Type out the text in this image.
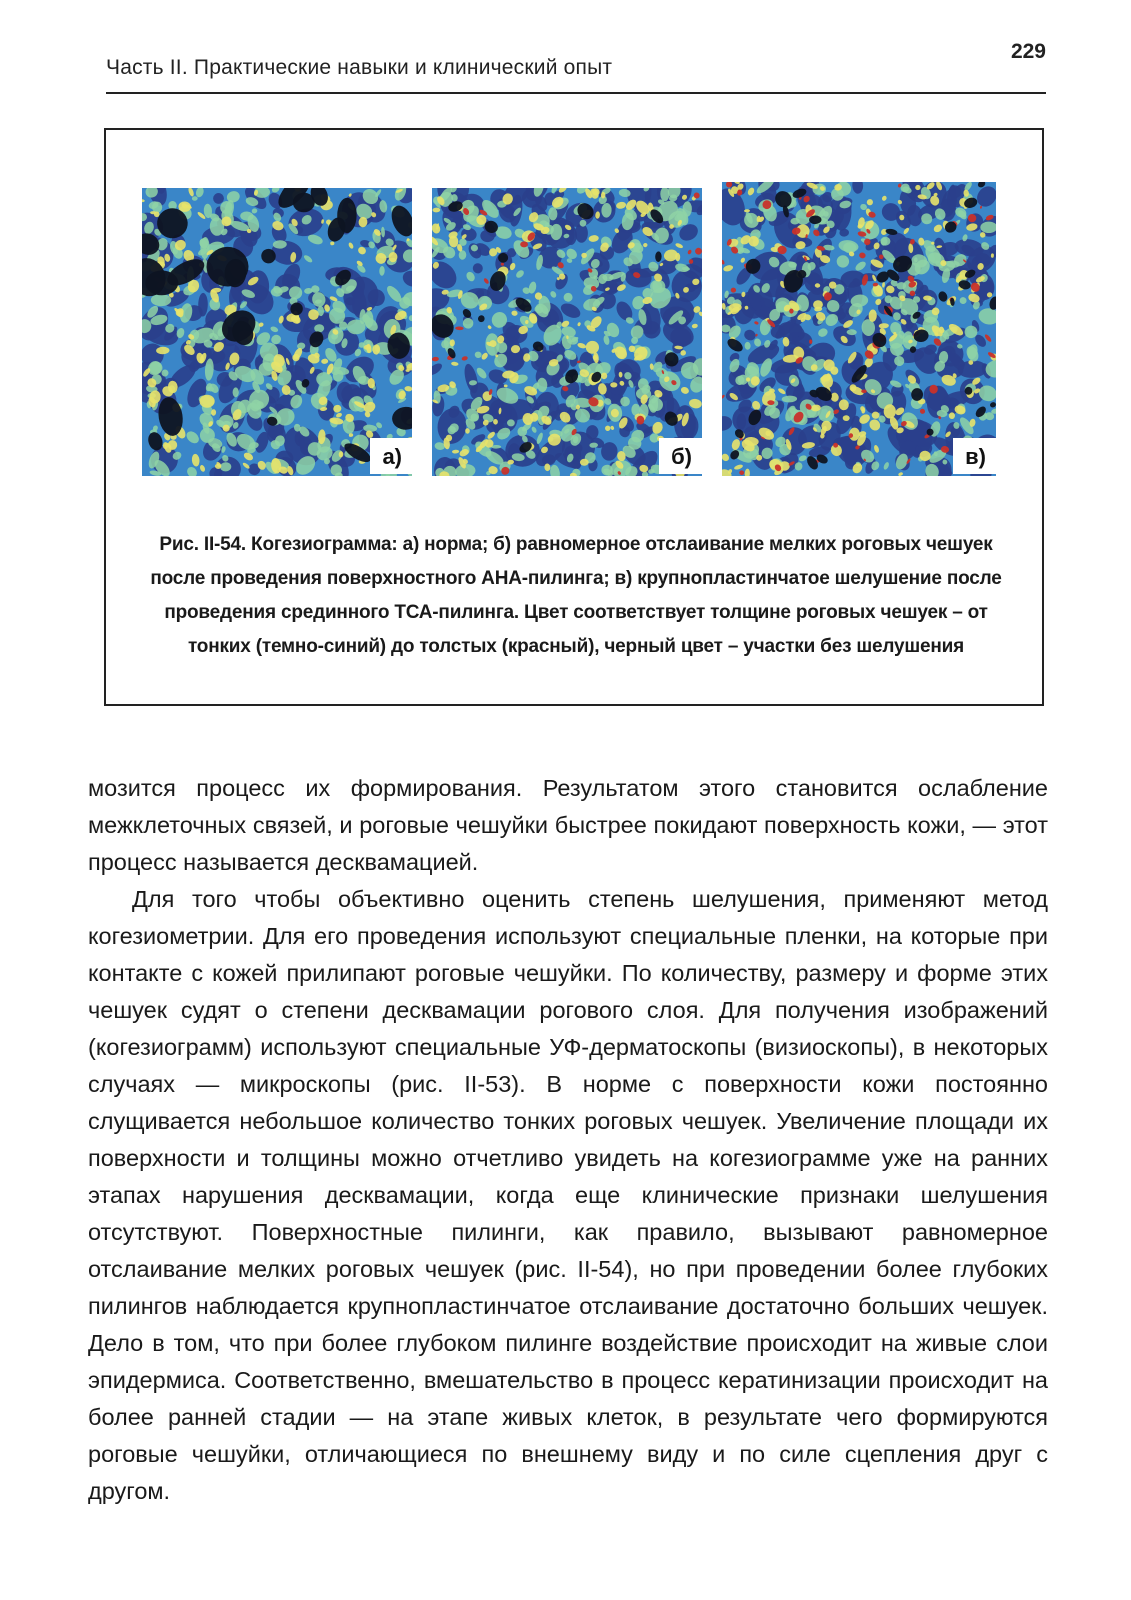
Часть II. Практические навыки и клинический опыт
229
а)	б)	в)
Рис. II-54. Когезиограмма: а) норма; б) равномерное отслаивание мелких роговых чешуек после проведения поверхностного АНА-пилинга; в) крупнопластинчатое шелушение после проведения срединного ТСА-пилинга. Цвет соответствует толщине роговых чешуек – от тонких (темно-синий) до толстых (красный), черный цвет – участки без шелушения

мозится процесс их формирования. Результатом этого становится ослабление межклеточных связей, и роговые чешуйки быстрее покидают поверхность кожи, — этот процесс называется десквамацией.

Для того чтобы объективно оценить степень шелушения, применяют метод когезиометрии. Для его проведения используют специальные пленки, на которые при контакте с кожей прилипают роговые чешуйки. По количеству, размеру и форме этих чешуек судят о степени десквамации рогового слоя. Для получения изображений (когезиограмм) используют специальные УФ-дерматоскопы (визиоскопы), в некоторых случаях — микроскопы (рис. II-53). В норме с поверхности кожи постоянно слущивается небольшое количество тонких роговых чешуек. Увеличение площади их поверхности и толщины можно отчетливо увидеть на когезиограмме уже на ранних этапах нарушения десквамации, когда еще клинические признаки шелушения отсутствуют. Поверхностные пилинги, как правило, вызывают равномерное отслаивание мелких роговых чешуек (рис. II-54), но при проведении более глубоких пилингов наблюдается крупнопластинчатое отслаивание достаточно больших чешуек. Дело в том, что при более глубоком пилинге воздействие происходит на живые слои эпидермиса. Соответственно, вмешательство в процесс кератинизации происходит на более ранней стадии — на этапе живых клеток, в результате чего формируются роговые чешуйки, отличающиеся по внешнему виду и по силе сцепления друг с другом.
